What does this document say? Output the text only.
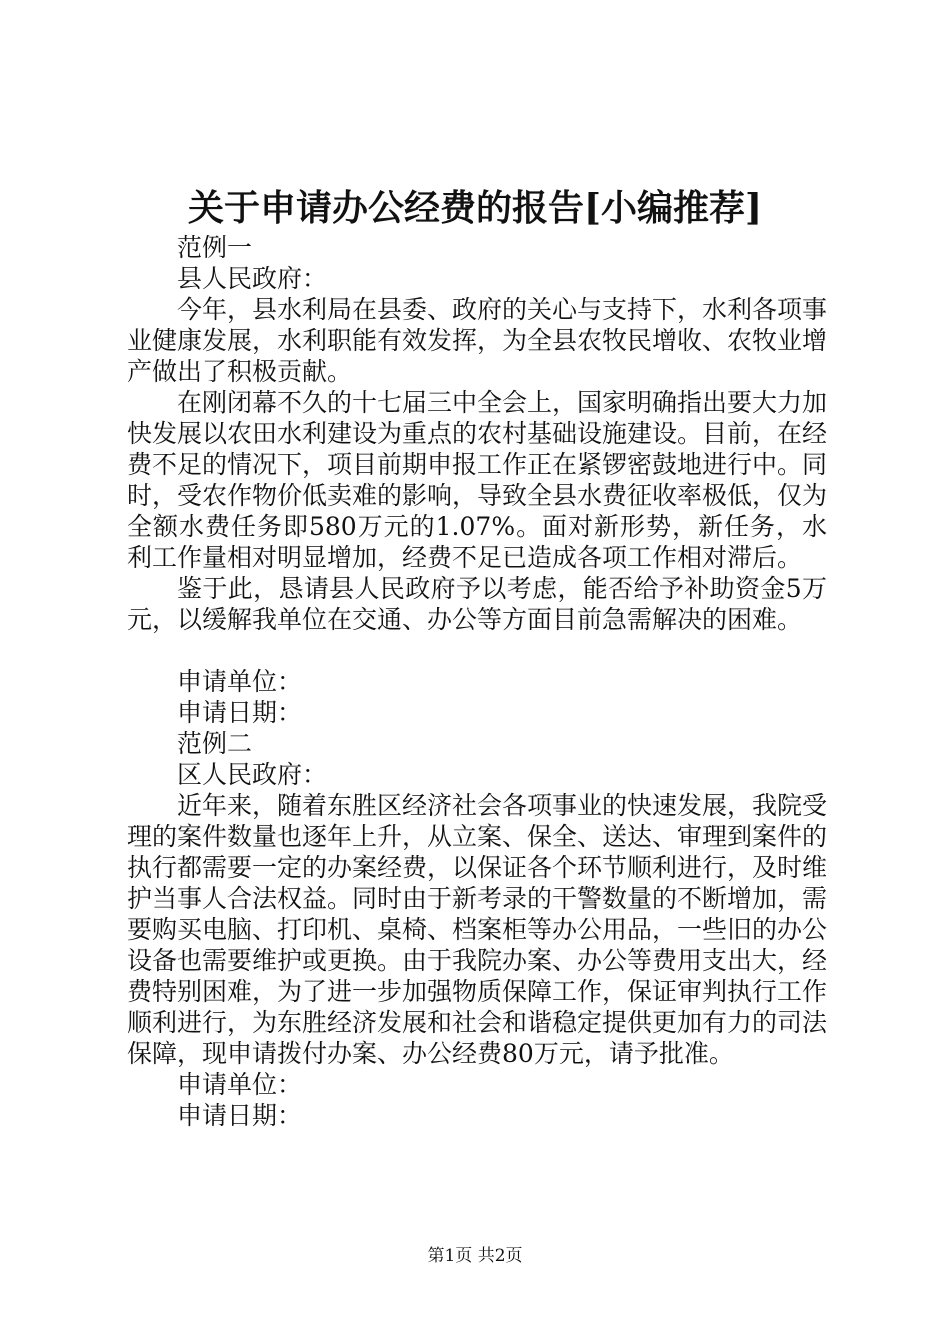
关于申请办公经费的报告[小编推荐]

范例一

县人民政府：

今年，县水利局在县委、政府的关心与支持下，水利各项事业健康发展，水利职能有效发挥，为全县农牧民增收、农牧业增产做出了积极贡献。

在刚闭幕不久的十七届三中全会上，国家明确指出要大力加快发展以农田水利建设为重点的农村基础设施建设。目前，在经费不足的情况下，项目前期申报工作正在紧锣密鼓地进行中。同时，受农作物价低卖难的影响，导致全县水费征收率极低，仅为全额水费任务即580万元的1.07%。面对新形势，新任务，水利工作量相对明显增加，经费不足已造成各项工作相对滞后。

鉴于此，恳请县人民政府予以考虑，能否给予补助资金5万元，以缓解我单位在交通、办公等方面目前急需解决的困难。

申请单位：

申请日期：

范例二

区人民政府：

近年来，随着东胜区经济社会各项事业的快速发展，我院受理的案件数量也逐年上升，从立案、保全、送达、审理到案件的执行都需要一定的办案经费，以保证各个环节顺利进行，及时维护当事人合法权益。同时由于新考录的干警数量的不断增加，需要购买电脑、打印机、桌椅、档案柜等办公用品，一些旧的办公设备也需要维护或更换。由于我院办案、办公等费用支出大，经费特别困难，为了进一步加强物质保障工作，保证审判执行工作顺利进行，为东胜经济发展和社会和谐稳定提供更加有力的司法保障，现申请拨付办案、办公经费80万元，请予批准。

申请单位：

申请日期：

第1页 共2页
